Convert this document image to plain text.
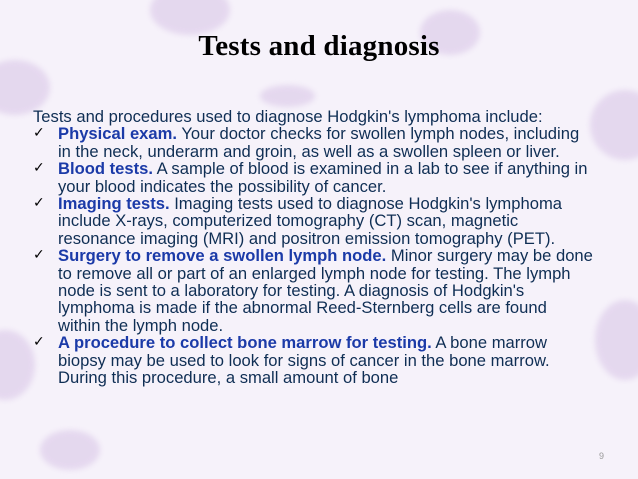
Tests and diagnosis

Tests and procedures used to diagnose Hodgkin's lymphoma include:

✓ Physical exam. Your doctor checks for swollen lymph nodes, including in the neck, underarm and groin, as well as a swollen spleen or liver.
✓ Blood tests. A sample of blood is examined in a lab to see if anything in your blood indicates the possibility of cancer.
✓ Imaging tests. Imaging tests used to diagnose Hodgkin's lymphoma include X-rays, computerized tomography (CT) scan, magnetic resonance imaging (MRI) and positron emission tomography (PET).
✓ Surgery to remove a swollen lymph node. Minor surgery may be done to remove all or part of an enlarged lymph node for testing. The lymph node is sent to a laboratory for testing. A diagnosis of Hodgkin's lymphoma is made if the abnormal Reed-Sternberg cells are found within the lymph node.
✓ A procedure to collect bone marrow for testing. A bone marrow biopsy may be used to look for signs of cancer in the bone marrow. During this procedure, a small amount of bone
9
